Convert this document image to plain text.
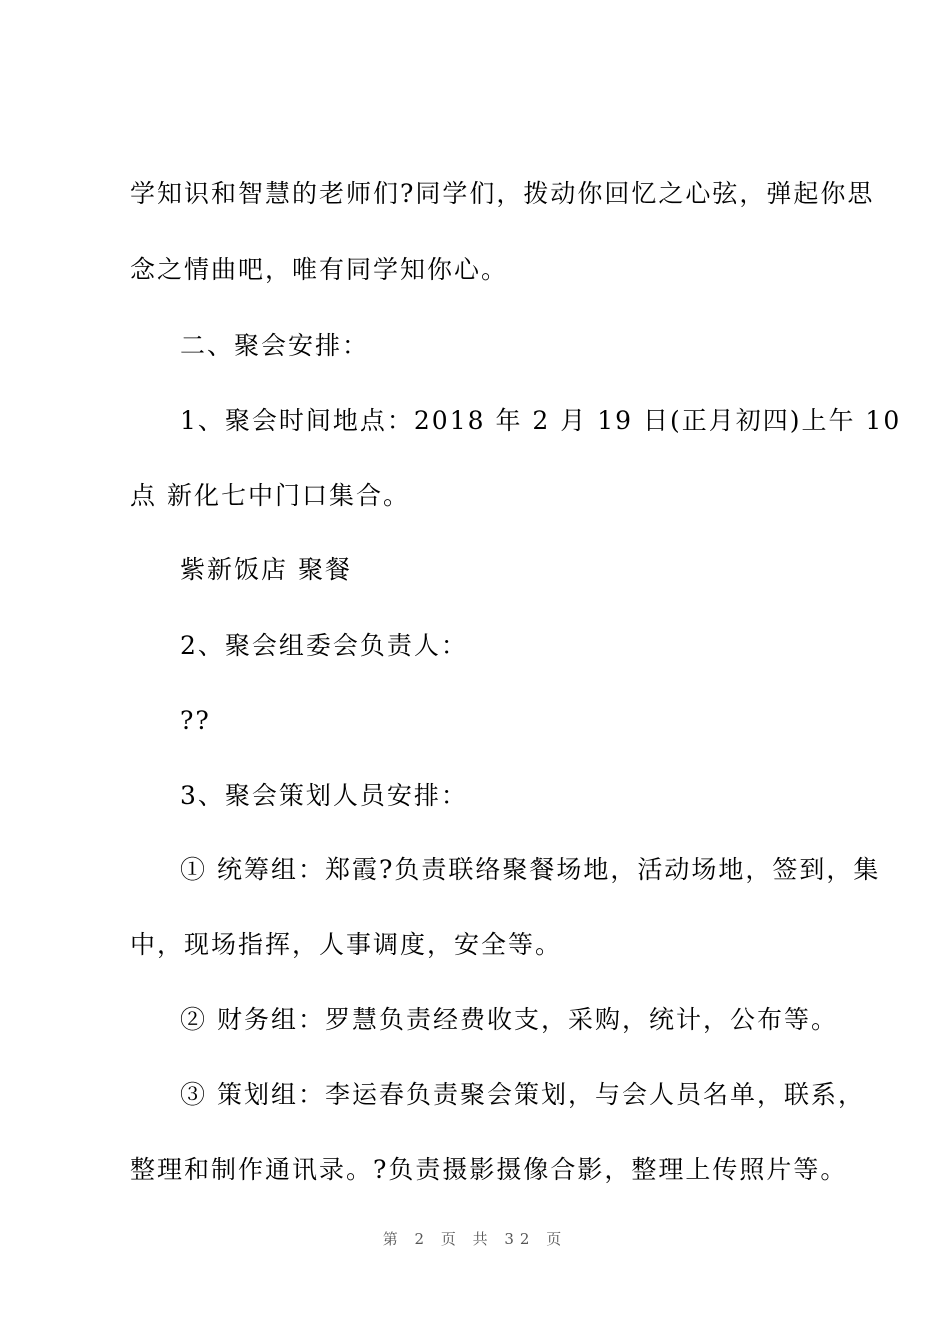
学知识和智慧的老师们?同学们，拨动你回忆之心弦，弹起你思
念之情曲吧，唯有同学知你心。
二、聚会安排：
1、聚会时间地点：2018 年 2 月 19 日(正月初四)上午 10
点 新化七中门口集合。
紫新饭店 聚餐
2、聚会组委会负责人：
??
3、聚会策划人员安排：
① 统筹组：郑霞?负责联络聚餐场地，活动场地，签到，集
中，现场指挥，人事调度，安全等。
② 财务组：罗慧负责经费收支，采购，统计，公布等。
③ 策划组：李运春负责聚会策划，与会人员名单，联系，
整理和制作通讯录。?负责摄影摄像合影，整理上传照片等。
第 2 页 共 32 页
